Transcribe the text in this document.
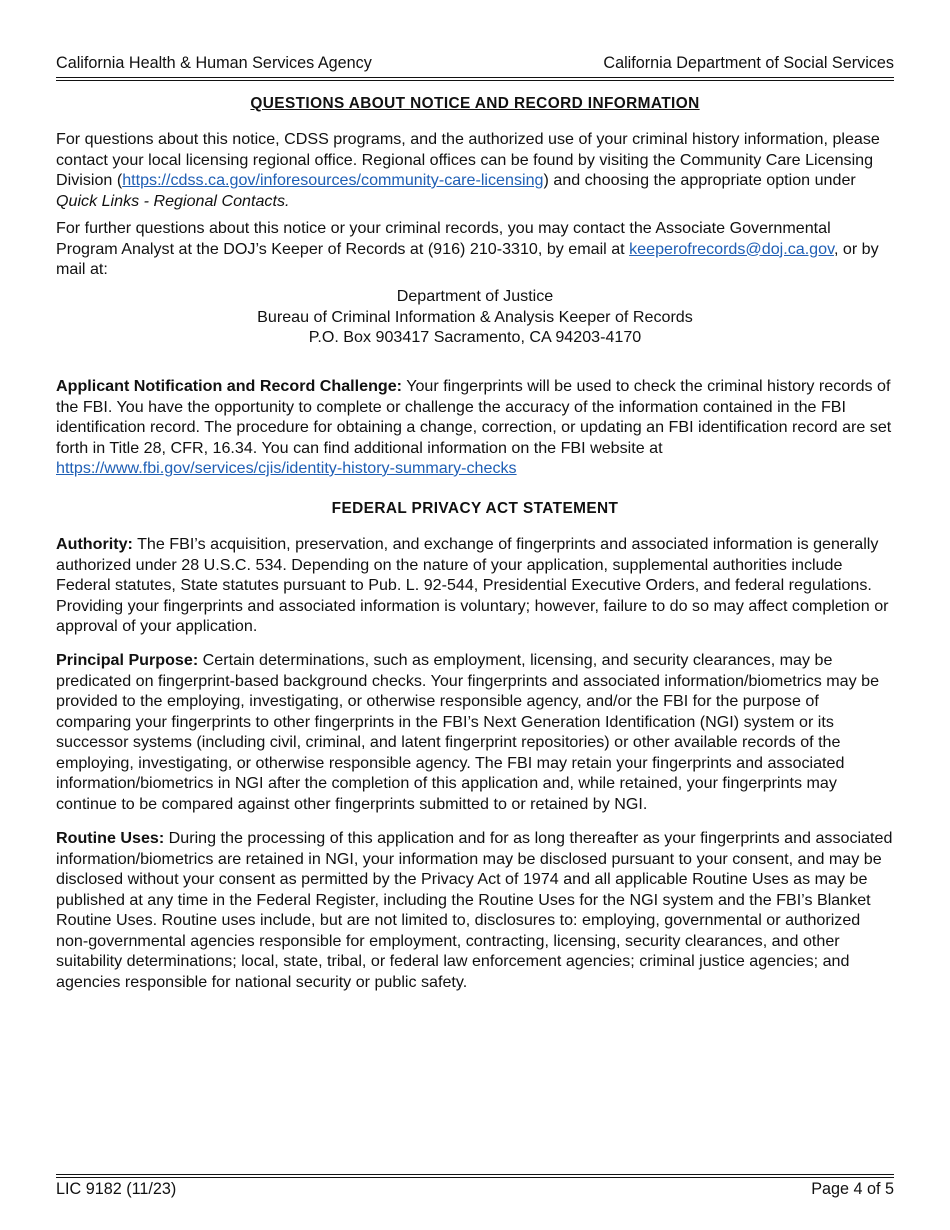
California Health & Human Services Agency	California Department of Social Services
QUESTIONS ABOUT NOTICE AND RECORD INFORMATION

For questions about this notice, CDSS programs, and the authorized use of your criminal history information, please contact your local licensing regional office. Regional offices can be found by visiting the Community Care Licensing Division (https://cdss.ca.gov/inforesources/community-care-licensing) and choosing the appropriate option under Quick Links - Regional Contacts.

For further questions about this notice or your criminal records, you may contact the Associate Governmental Program Analyst at the DOJ’s Keeper of Records at (916) 210-3310, by email at keeperofrecords@doj.ca.gov, or by mail at:

Department of Justice
Bureau of Criminal Information & Analysis Keeper of Records
P.O. Box 903417 Sacramento, CA 94203-4170

Applicant Notification and Record Challenge: Your fingerprints will be used to check the criminal history records of the FBI. You have the opportunity to complete or challenge the accuracy of the information contained in the FBI identification record. The procedure for obtaining a change, correction, or updating an FBI identification record are set forth in Title 28, CFR, 16.34. You can find additional information on the FBI website at https://www.fbi.gov/services/cjis/identity-history-summary-checks

FEDERAL PRIVACY ACT STATEMENT

Authority: The FBI’s acquisition, preservation, and exchange of fingerprints and associated information is generally authorized under 28 U.S.C. 534. Depending on the nature of your application, supplemental authorities include Federal statutes, State statutes pursuant to Pub. L. 92-544, Presidential Executive Orders, and federal regulations. Providing your fingerprints and associated information is voluntary; however, failure to do so may affect completion or approval of your application.

Principal Purpose: Certain determinations, such as employment, licensing, and security clearances, may be predicated on fingerprint-based background checks. Your fingerprints and associated information/biometrics may be provided to the employing, investigating, or otherwise responsible agency, and/or the FBI for the purpose of comparing your fingerprints to other fingerprints in the FBI’s Next Generation Identification (NGI) system or its successor systems (including civil, criminal, and latent fingerprint repositories) or other available records of the employing, investigating, or otherwise responsible agency. The FBI may retain your fingerprints and associated information/biometrics in NGI after the completion of this application and, while retained, your fingerprints may continue to be compared against other fingerprints submitted to or retained by NGI.

Routine Uses: During the processing of this application and for as long thereafter as your fingerprints and associated information/biometrics are retained in NGI, your information may be disclosed pursuant to your consent, and may be disclosed without your consent as permitted by the Privacy Act of 1974 and all applicable Routine Uses as may be published at any time in the Federal Register, including the Routine Uses for the NGI system and the FBI’s Blanket Routine Uses. Routine uses include, but are not limited to, disclosures to: employing, governmental or authorized non-governmental agencies responsible for employment, contracting, licensing, security clearances, and other suitability determinations; local, state, tribal, or federal law enforcement agencies; criminal justice agencies; and agencies responsible for national security or public safety.

LIC 9182 (11/23)	Page 4 of 5
